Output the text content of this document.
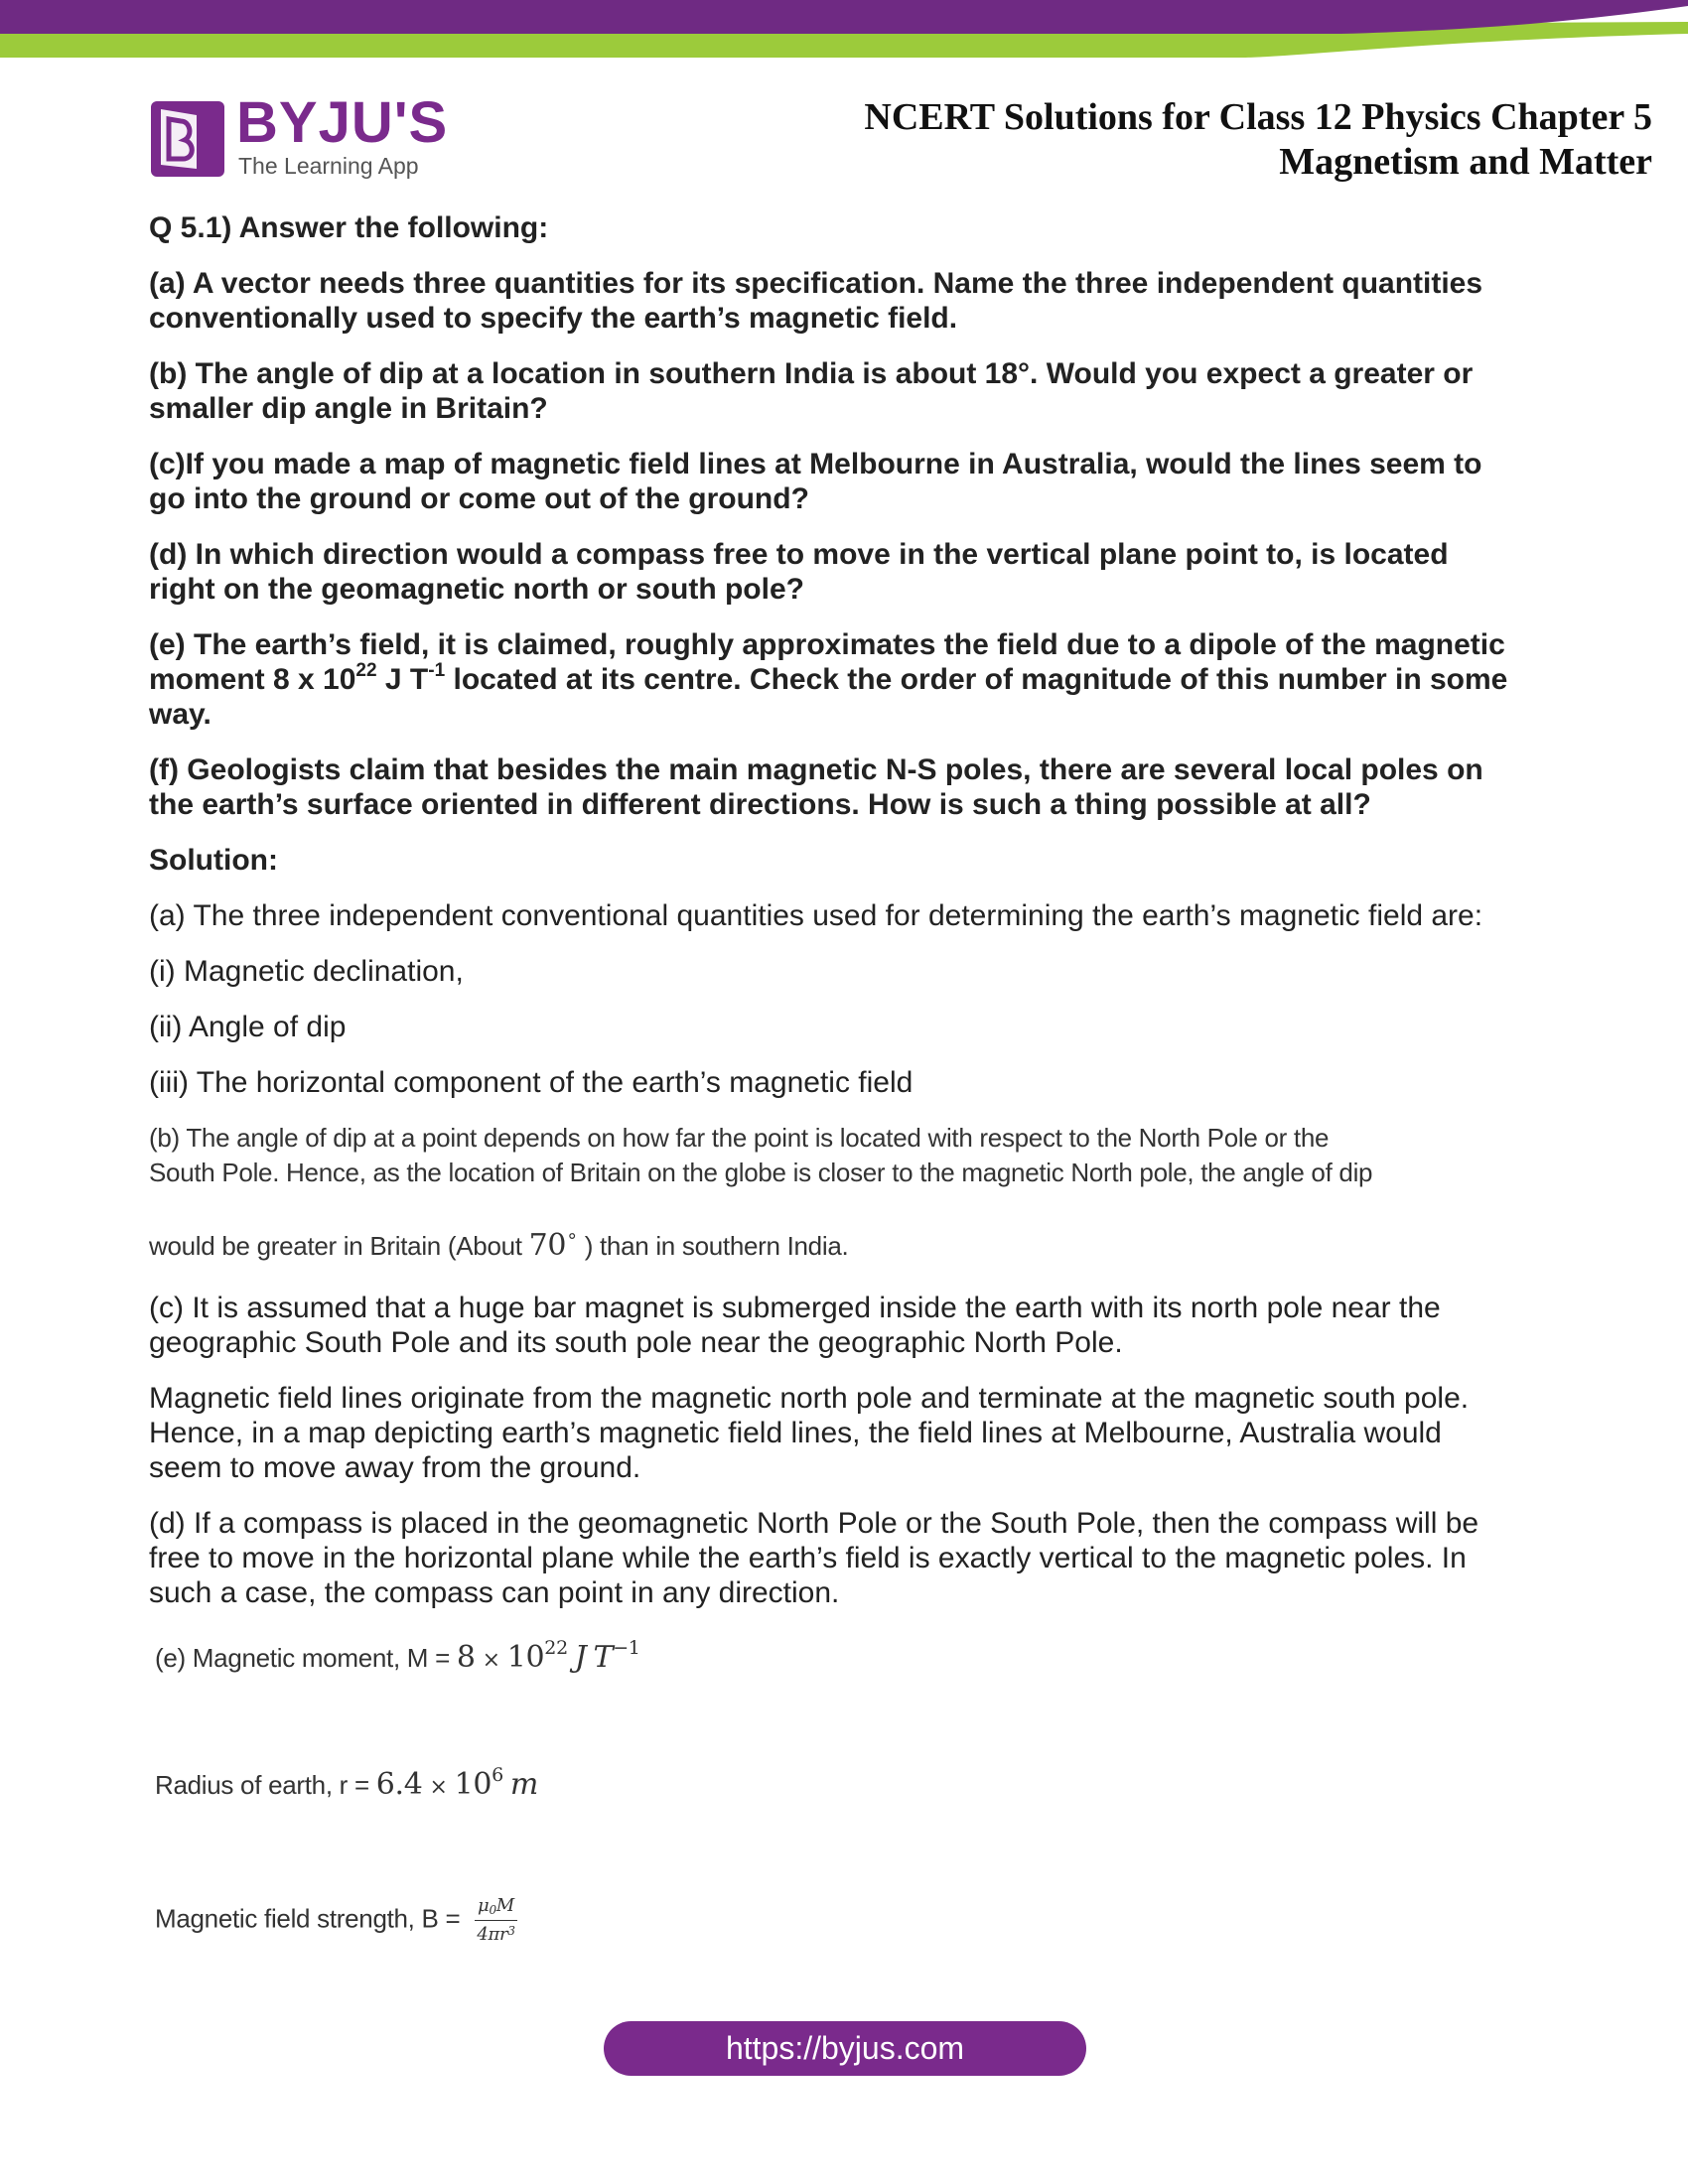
BYJU'S
The Learning App
NCERT Solutions for Class 12 Physics Chapter 5
Magnetism and Matter

Q 5.1) Answer the following:

(a) A vector needs three quantities for its specification. Name the three independent quantities conventionally used to specify the earth’s magnetic field.

(b) The angle of dip at a location in southern India is about 18°. Would you expect a greater or smaller dip angle in Britain?

(c)If you made a map of magnetic field lines at Melbourne in Australia, would the lines seem to go into the ground or come out of the ground?

(d) In which direction would a compass free to move in the vertical plane point to, is located right on the geomagnetic north or south pole?

(e) The earth’s field, it is claimed, roughly approximates the field due to a dipole of the magnetic moment 8 x $10^{22}$ J $T^{-1}$ located at its centre. Check the order of magnitude of this number in some way.

(f) Geologists claim that besides the main magnetic N-S poles, there are several local poles on the earth’s surface oriented in different directions. How is such a thing possible at all?

Solution:

(a) The three independent conventional quantities used for determining the earth’s magnetic field are:

(i) Magnetic declination,

(ii) Angle of dip

(iii) The horizontal component of the earth’s magnetic field

(b) The angle of dip at a point depends on how far the point is located with respect to the North Pole or the
South Pole. Hence, as the location of Britain on the globe is closer to the magnetic North pole, the angle of dip
would be greater in Britain (About 70∘ ) than in southern India.

(c) It is assumed that a huge bar magnet is submerged inside the earth with its north pole near the geographic South Pole and its south pole near the geographic North Pole.

Magnetic field lines originate from the magnetic north pole and terminate at the magnetic south pole. Hence, in a map depicting earth’s magnetic field lines, the field lines at Melbourne, Australia would seem to move away from the ground.

(d) If a compass is placed in the geomagnetic North Pole or the South Pole, then the compass will be free to move in the horizontal plane while the earth’s field is exactly vertical to the magnetic poles. In such a case, the compass can point in any direction.

(e) Magnetic moment, $M = 8 \times 10^{22}$ J $T^{-1}$
Radius of earth, $r = 6.4 \times 10^6$ m
Magnetic field strength, $B = \frac{\mu_0M}{4\pi r^3}$
https://byjus.com
